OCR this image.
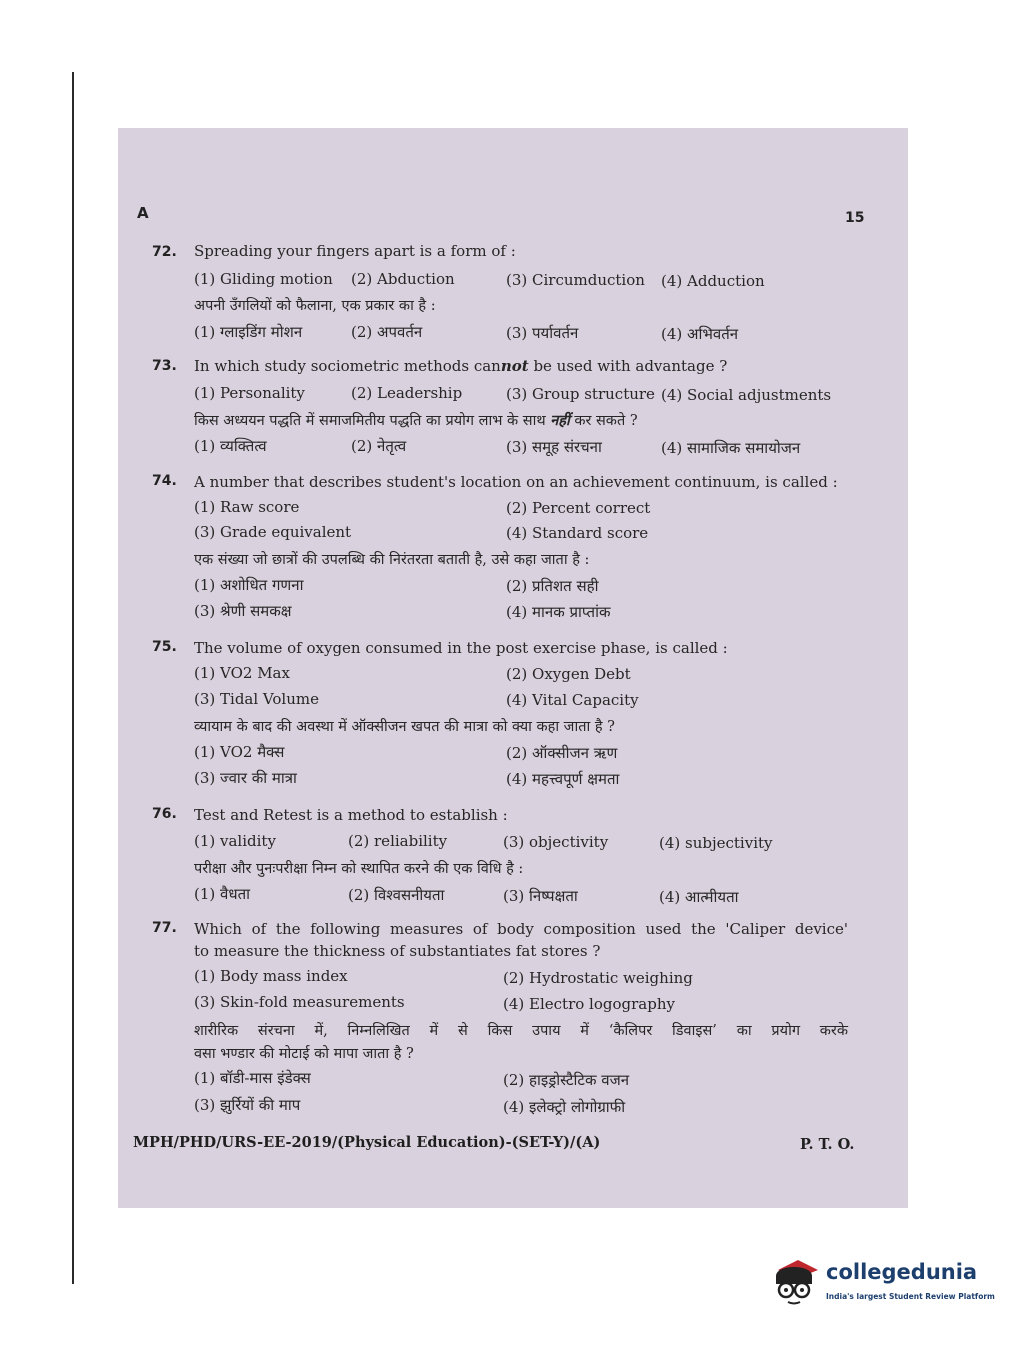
A	15
72. Spreading your fingers apart is a form of :
(1) Gliding motion (2) Abduction	(3) Circumduction (4) Adduction
अपनी उँगलियों को फैलाना, एक प्रकार का है :
(1) ग्लाइडिंग मोशन	(2) अपवर्तन	(3) पर्यावर्तन	(4) अभिवर्तन
73. In which study sociometric methods cannot be used with advantage ?
(1) Personality	(2) Leadership	(3) Group structure (4) Social adjustments
किस अध्ययन पद्धति में समाजमितीय पद्धति का प्रयोग लाभ के साथ नहीं कर सकते ?
(1) व्यक्तित्व	(2) नेतृत्व	(3) समूह संरचना	(4) सामाजिक समायोजन
74. A number that describes student's location on an achievement continuum, is called :
(1) Raw score	(2) Percent correct
(3) Grade equivalent	(4) Standard score
एक संख्या जो छात्रों की उपलब्धि की निरंतरता बताती है, उसे कहा जाता है :
(1) अशोधित गणना	(2) प्रतिशत सही
(3) श्रेणी समकक्ष	(4) मानक प्राप्तांक
75. The volume of oxygen consumed in the post exercise phase, is called :
(1) VO2 Max	(2) Oxygen Debt
(3) Tidal Volume	(4) Vital Capacity
व्यायाम के बाद की अवस्था में ऑक्सीजन खपत की मात्रा को क्या कहा जाता है ?
(1) VO2 मैक्स	(2) ऑक्सीजन ऋण
(3) ज्वार की मात्रा	(4) महत्त्वपूर्ण क्षमता
76. Test and Retest is a method to establish :
(1) validity	(2) reliability	(3) objectivity	(4) subjectivity
परीक्षा और पुनःपरीक्षा निम्न को स्थापित करने की एक विधि है :
(1) वैधता	(2) विश्वसनीयता	(3) निष्पक्षता	(4) आत्मीयता
77. Which of the following measures of body composition used the 'Caliper device'
to measure the thickness of substantiates fat stores ?
(1) Body mass index	(2) Hydrostatic weighing
(3) Skin-fold measurements	(4) Electro logography
शारीरिक संरचना में, निम्नलिखित में से किस उपाय में ‘कैलिपर डिवाइस’ का प्रयोग करके
वसा भण्डार की मोटाई को मापा जाता है ?
(1) बॉडी-मास इंडेक्स	(2) हाइड्रोस्टैटिक वजन
(3) झुर्रियों की माप	(4) इलेक्ट्रो लोगोग्राफी
MPH/PHD/URS-EE-2019/(Physical Education)-(SET-Y)/(A)	P. T. O.
collegedunia
India's largest Student Review Platform
